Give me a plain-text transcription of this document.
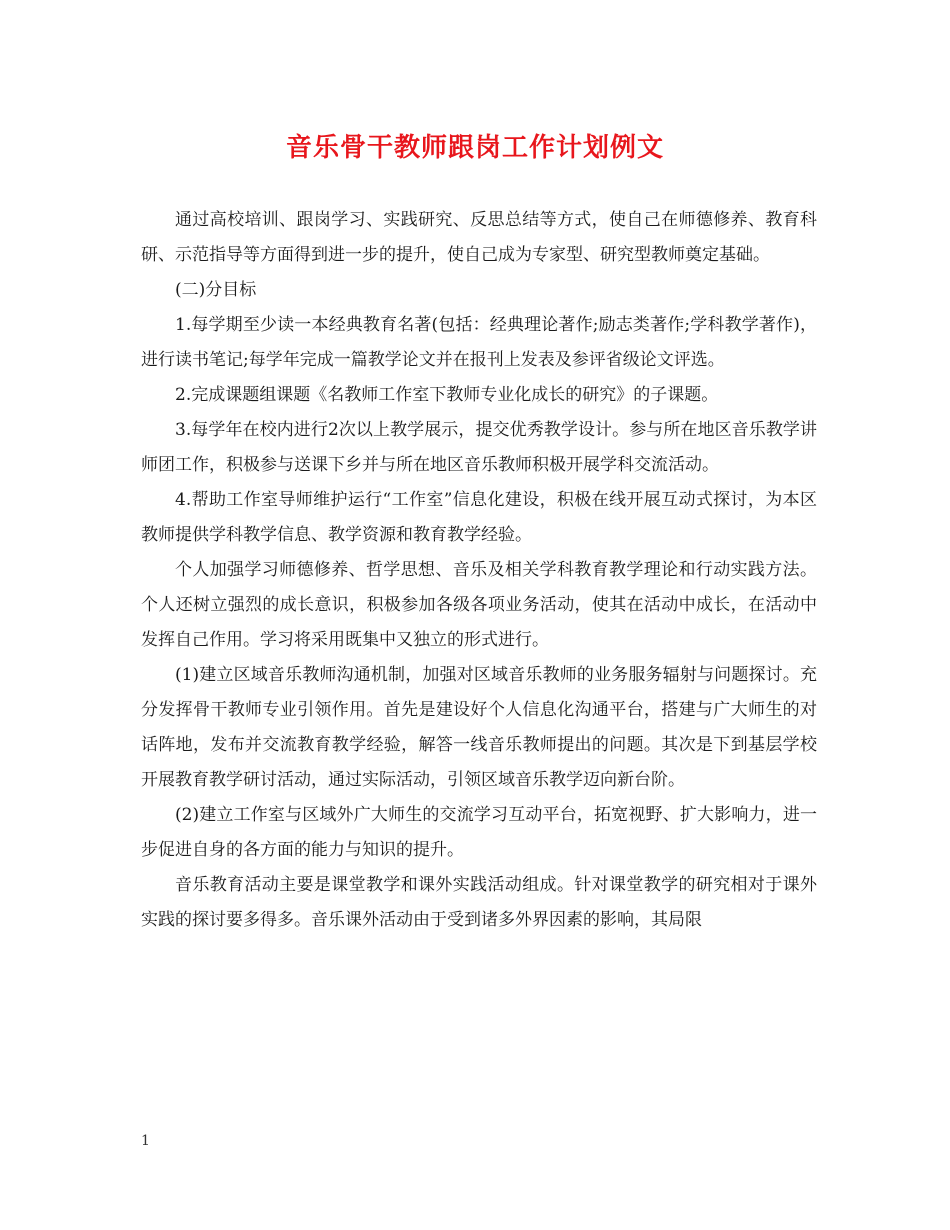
音乐骨干教师跟岗工作计划例文

通过高校培训、跟岗学习、实践研究、反思总结等方式，使自己在师德修养、教育科研、示范指导等方面得到进一步的提升，使自己成为专家型、研究型教师奠定基础。

(二)分目标

1.每学期至少读一本经典教育名著(包括：经典理论著作;励志类著作;学科教学著作)，进行读书笔记;每学年完成一篇教学论文并在报刊上发表及参评省级论文评选。

2.完成课题组课题《名教师工作室下教师专业化成长的研究》的子课题。

3.每学年在校内进行2次以上教学展示，提交优秀教学设计。参与所在地区音乐教学讲师团工作，积极参与送课下乡并与所在地区音乐教师积极开展学科交流活动。

4.帮助工作室导师维护运行“工作室”信息化建设，积极在线开展互动式探讨，为本区教师提供学科教学信息、教学资源和教育教学经验。

个人加强学习师德修养、哲学思想、音乐及相关学科教育教学理论和行动实践方法。个人还树立强烈的成长意识，积极参加各级各项业务活动，使其在活动中成长，在活动中发挥自己作用。学习将采用既集中又独立的形式进行。

(1)建立区域音乐教师沟通机制，加强对区域音乐教师的业务服务辐射与问题探讨。充分发挥骨干教师专业引领作用。首先是建设好个人信息化沟通平台，搭建与广大师生的对话阵地，发布并交流教育教学经验，解答一线音乐教师提出的问题。其次是下到基层学校开展教育教学研讨活动，通过实际活动，引领区域音乐教学迈向新台阶。

(2)建立工作室与区域外广大师生的交流学习互动平台，拓宽视野、扩大影响力，进一步促进自身的各方面的能力与知识的提升。

音乐教育活动主要是课堂教学和课外实践活动组成。针对课堂教学的研究相对于课外实践的探讨要多得多。音乐课外活动由于受到诸多外界因素的影响，其局限

1
